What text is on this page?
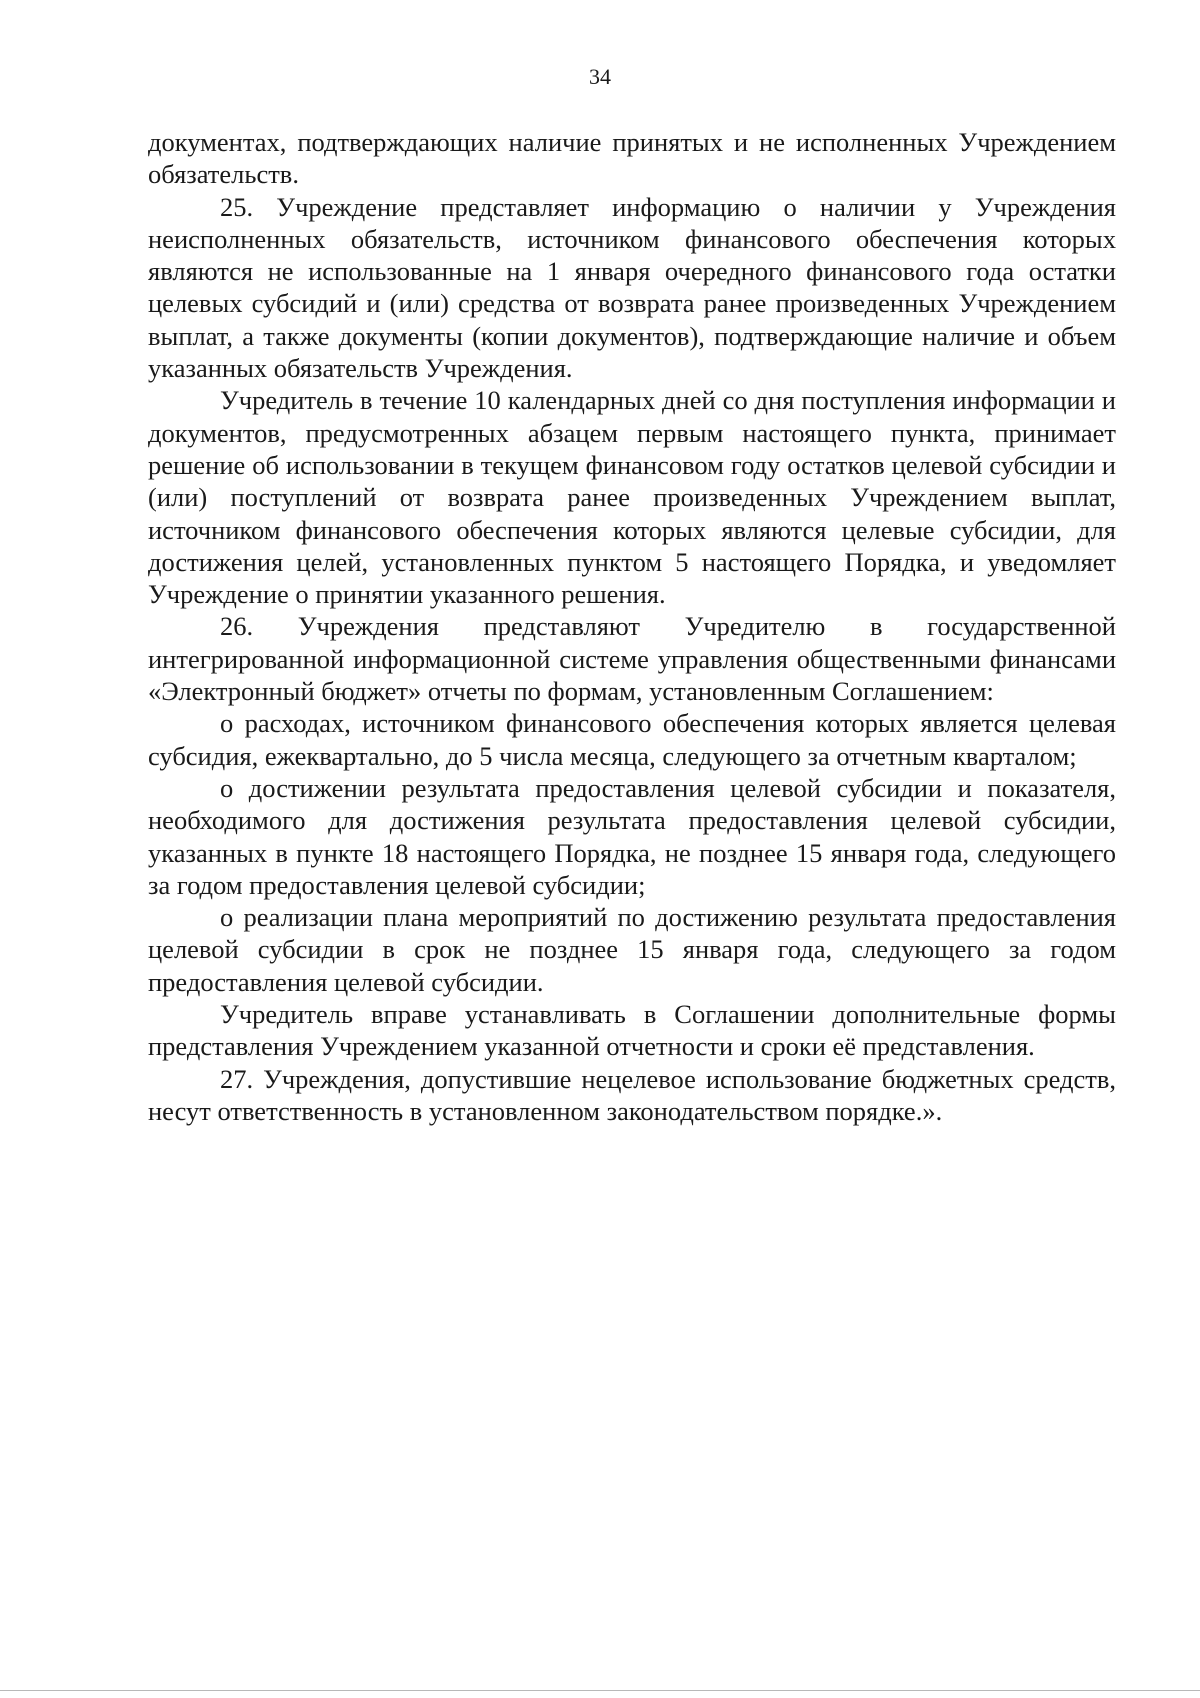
34

документах, подтверждающих наличие принятых и не исполненных Учреждением обязательств.

25. Учреждение представляет информацию о наличии у Учреждения неисполненных обязательств, источником финансового обеспечения которых являются не использованные на 1 января очередного финансового года остатки целевых субсидий и (или) средства от возврата ранее произведенных Учреждением выплат, а также документы (копии документов), подтверждающие наличие и объем указанных обязательств Учреждения.

Учредитель в течение 10 календарных дней со дня поступления информации и документов, предусмотренных абзацем первым настоящего пункта, принимает решение об использовании в текущем финансовом году остатков целевой субсидии и (или) поступлений от возврата ранее произведенных Учреждением выплат, источником финансового обеспечения которых являются целевые субсидии, для достижения целей, установленных пунктом 5 настоящего Порядка, и уведомляет Учреждение о принятии указанного решения.

26. Учреждения представляют Учредителю в государственной интегрированной информационной системе управления общественными финансами «Электронный бюджет» отчеты по формам, установленным Соглашением:

о расходах, источником финансового обеспечения которых является целевая субсидия, ежеквартально, до 5 числа месяца, следующего за отчетным кварталом;

о достижении результата предоставления целевой субсидии и показателя, необходимого для достижения результата предоставления целевой субсидии, указанных в пункте 18 настоящего Порядка, не позднее 15 января года, следующего за годом предоставления целевой субсидии;

о реализации плана мероприятий по достижению результата предоставления целевой субсидии в срок не позднее 15 января года, следующего за годом предоставления целевой субсидии.

Учредитель вправе устанавливать в Соглашении дополнительные формы представления Учреждением указанной отчетности и сроки её представления.

27. Учреждения, допустившие нецелевое использование бюджетных средств, несут ответственность в установленном законодательством порядке.».
